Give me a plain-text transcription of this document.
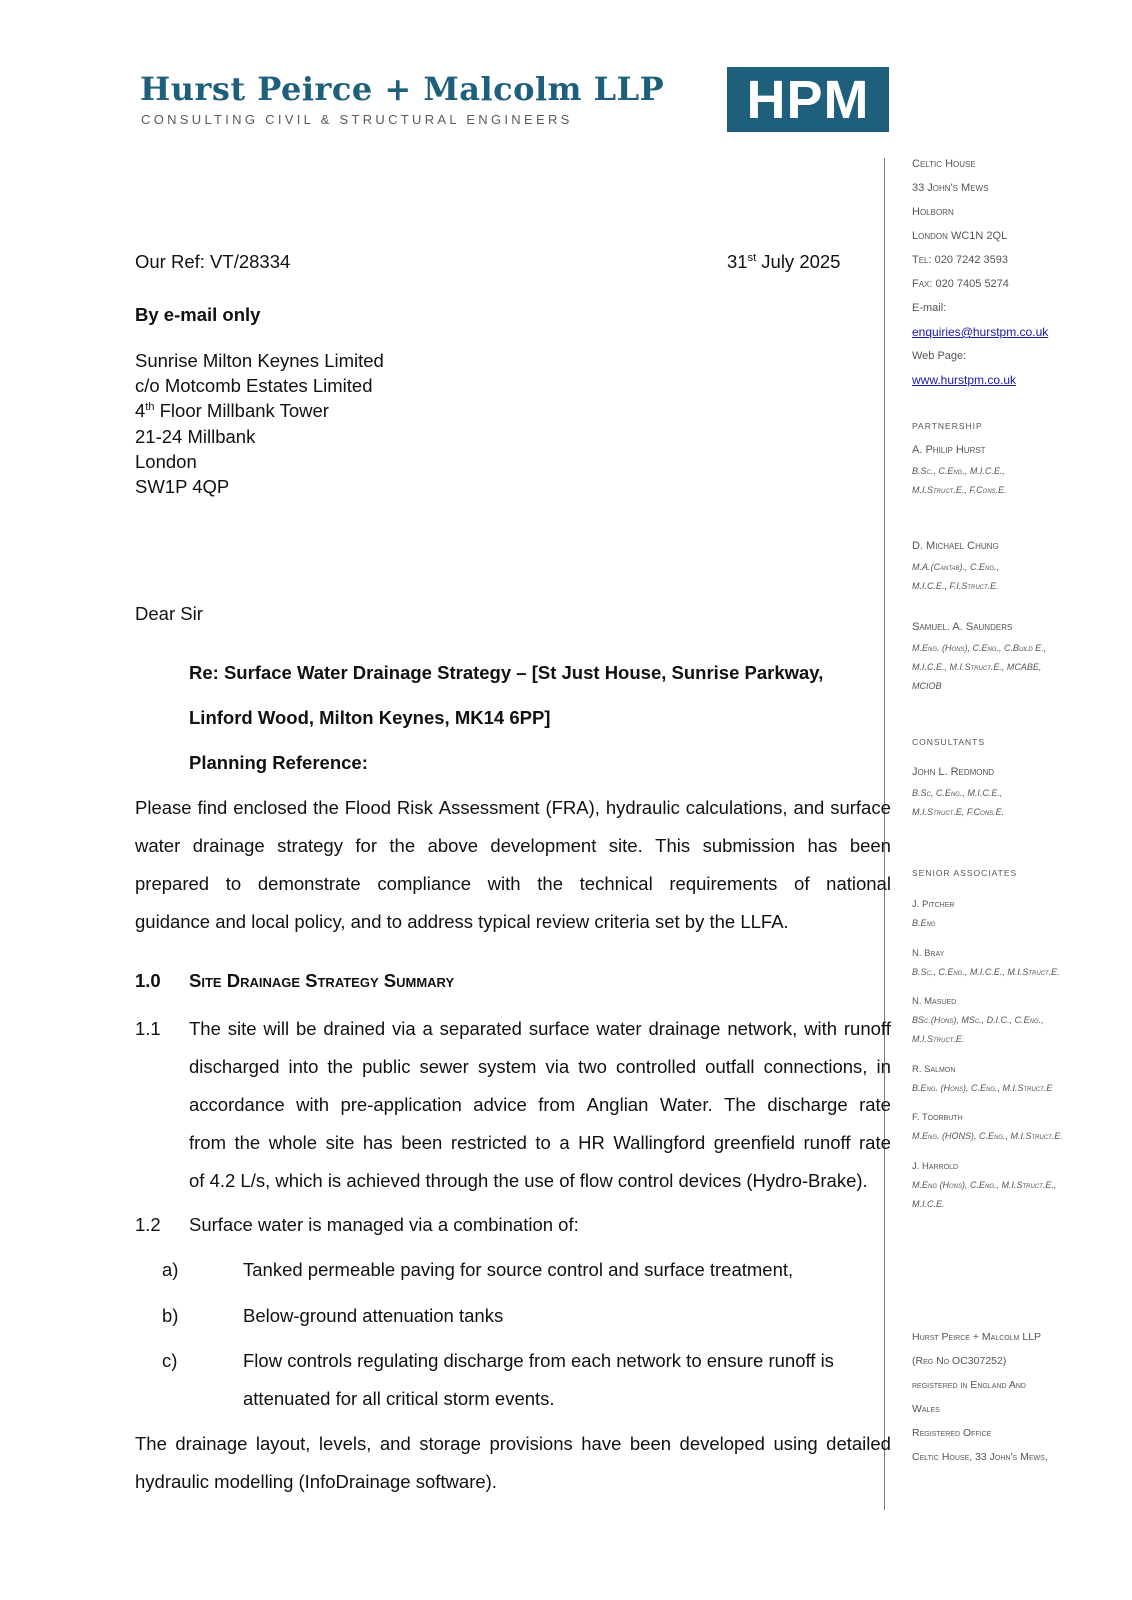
Hurst Peirce + Malcolm LLP
CONSULTING CIVIL & STRUCTURAL ENGINEERS	HPM
Celtic House
33 John's Mews
Holborn
London WC1N 2QL
Tel: 020 7242 3593
Fax: 020 7405 5274
E-mail:
enquiries@hurstpm.co.uk
Web Page:
www.hurstpm.co.uk
PARTNERSHIP
A. Philip Hurst
B.Sc., C.Eng., M.I.C.E.,
M.I.Struct.E., F.Cons.E.
D. Michael Chung
M.A.(Cantab)., C.Eng.,
M.I.C.E., F.I.Struct.E.
Samuel. A. Saunders
M.Eng. (Hons), C.Eng., C.Build E.,
M.I.C.E., M.I.Struct.E., MCABE,
MCIOB
CONSULTANTS
John L. Redmond
B.Sc, C.Eng., M.I.C.E.,
M.I.Struct.E, F.Cons.E.
SENIOR ASSOCIATES
J. Pitcher
B.Eng
N. Bray
B.Sc., C.Eng., M.I.C.E., M.I.Struct.E.
N. Masued
BSc.(Hons), MSc., D.I.C., C.Eng.,
M.I.Struct.E.
R. Salmon
B.Eng. (Hons), C.Eng., M.I.Struct.E
F. Toorbuth
M.Eng. (HONS), C.Eng., M.I.Struct.E.
J. Harrold
M.Eng (Hons), C.Eng., M.I.Struct.E.,
M.I.C.E.
Hurst Peirce + Malcolm LLP
(Reg No OC307252)
registered in England And
Wales
Registered Office
Celtic House, 33 John's Mews,
Our Ref: VT/28334	31st July 2025
By e-mail only
Sunrise Milton Keynes Limited
c/o Motcomb Estates Limited
4th Floor Millbank Tower
21-24 Millbank
London
SW1P 4QP
Dear Sir
Re: Surface Water Drainage Strategy – [St Just House, Sunrise Parkway,
Linford Wood, Milton Keynes, MK14 6PP]
Planning Reference:
Please find enclosed the Flood Risk Assessment (FRA), hydraulic calculations, and surface
water drainage strategy for the above development site. This submission has been
prepared to demonstrate compliance with the technical requirements of national
guidance and local policy, and to address typical review criteria set by the LLFA.
1.0 Site Drainage Strategy Summary
1.1 The site will be drained via a separated surface water drainage network, with runoff
discharged into the public sewer system via two controlled outfall connections, in
accordance with pre-application advice from Anglian Water. The discharge rate
from the whole site has been restricted to a HR Wallingford greenfield runoff rate
of 4.2 L/s, which is achieved through the use of flow control devices (Hydro-Brake).
1.2 Surface water is managed via a combination of:
a)	Tanked permeable paving for source control and surface treatment,
b)	Below-ground attenuation tanks
c)	Flow controls regulating discharge from each network to ensure runoff is
attenuated for all critical storm events.
The drainage layout, levels, and storage provisions have been developed using detailed
hydraulic modelling (InfoDrainage software).
